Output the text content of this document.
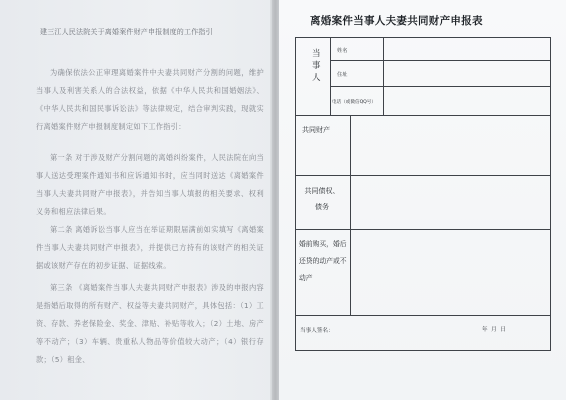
建三江人民法院关于离婚案件财产申报制度的工作指引
为确保依法公正审理离婚案件中夫妻共同财产分割的问题，维护当事人及利害关系人的合法权益，依据《中华人民共和国婚姻法》、《中华人民共和国民事诉讼法》等法律规定，结合审判实践，现就实行离婚案件财产申报制度制定如下工作指引：
第一条 对于涉及财产分割问题的离婚纠纷案件，人民法院在向当事人送达受理案件通知书和应诉通知书时，应当同时送达《离婚案件当事人夫妻共同财产申报表》，并告知当事人填报的相关要求、权利义务和相应法律后果。
第二条 离婚诉讼当事人应当在举证期限届满前如实填写《离婚案件当事人夫妻共同财产申报表》，并提供已方持有的该财产的相关证据或该财产存在的初步证据、证据线索。
第三条 《离婚案件当事人夫妻共同财产申报表》涉及的申报内容是指婚后取得的所有财产、权益等夫妻共同财产，具体包括：（1）工资、存款、养老保险金、奖金、津贴、补贴等收入；（2）土地、房产等不动产；（3）车辆、贵重私人物品等价值较大动产；（4）银行存款；（5）租金、
离婚案件当事人夫妻共同财产申报表
当事人
姓名
住址
电话（或微信QQ号）
共同财产
共同债权、债务
婚前购买，婚后还贷的动产或不动产
当事人签名：	年  月  日
